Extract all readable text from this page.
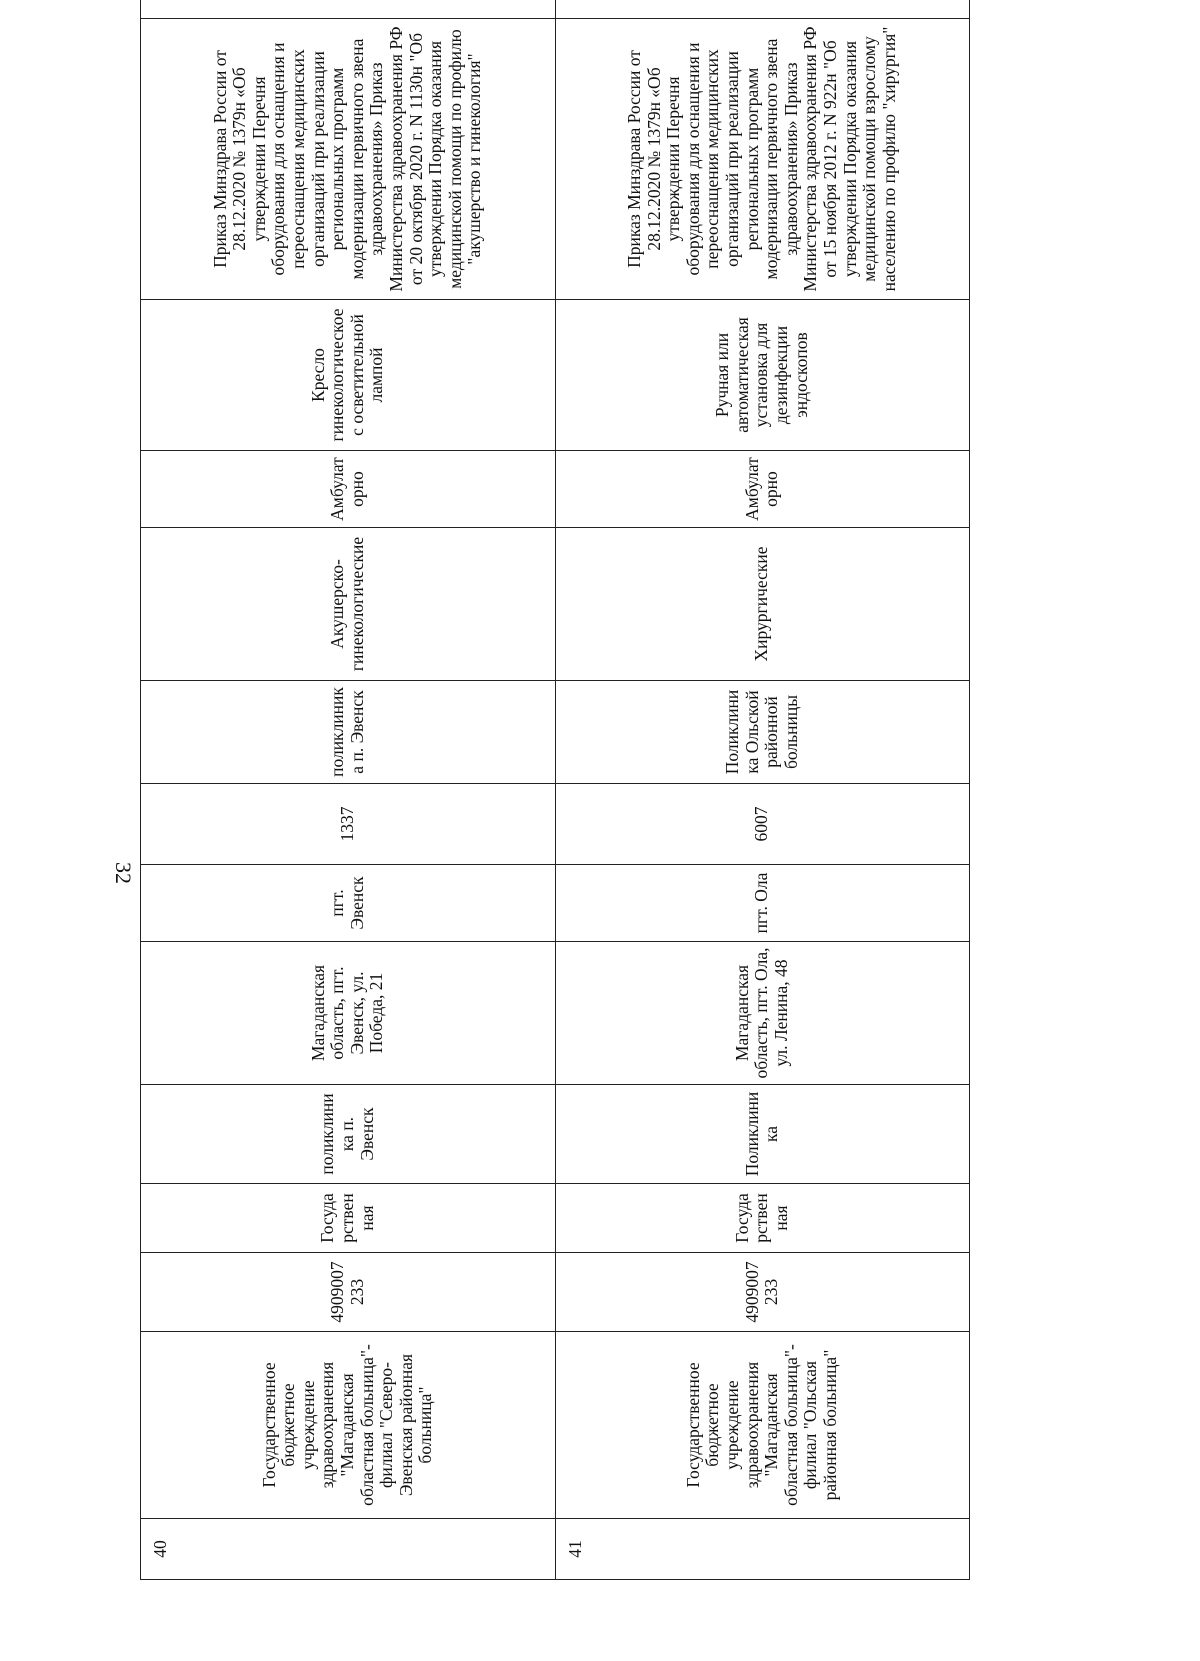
32
40	Государственное бюджетное учреждение здравоохранения "Магаданская областная больница"- филиал "Северо-Эвенская районная больница"	4909007233	Государственная	поликлиника п. Эвенск	Магаданская область, пгт. Эвенск, ул. Победа, 21	пгт. Эвенск	1337	поликлиника п. Эвенск	Акушерско-гинекологические	Амбулаторно	Кресло гинекологическое с осветительной лампой	Приказ Минздрава России от 28.12.2020 № 1379н «Об утверждении Перечня оборудования для оснащения и переоснащения медицинских организаций при реализации региональных программ модернизации первичного звена здравоохранения» Приказ Министерства здравоохранения РФ от 20 октября 2020 г. N 1130н "Об утверждении Порядка оказания медицинской помощи по профилю "акушерство и гинекология"		
41	Государственное бюджетное учреждение здравоохранения "Магаданская областная больница"- филиал "Ольская районная больница"	4909007233	Государственная	Поликлиника	Магаданская область, пгт. Ола, ул. Ленина, 48	пгт. Ола	6007	Поликлиника Ольской районной больницы	Хирургические	Амбулаторно	Ручная или автоматическая установка для дезинфекции эндоскопов	Приказ Минздрава России от 28.12.2020 № 1379н «Об утверждении Перечня оборудования для оснащения и переоснащения медицинских организаций при реализации региональных программ модернизации первичного звена здравоохранения» Приказ Министерства здравоохранения РФ от 15 ноября 2012 г. N 922н "Об утверждении Порядка оказания медицинской помощи взрослому населению по профилю "хирургия"		
